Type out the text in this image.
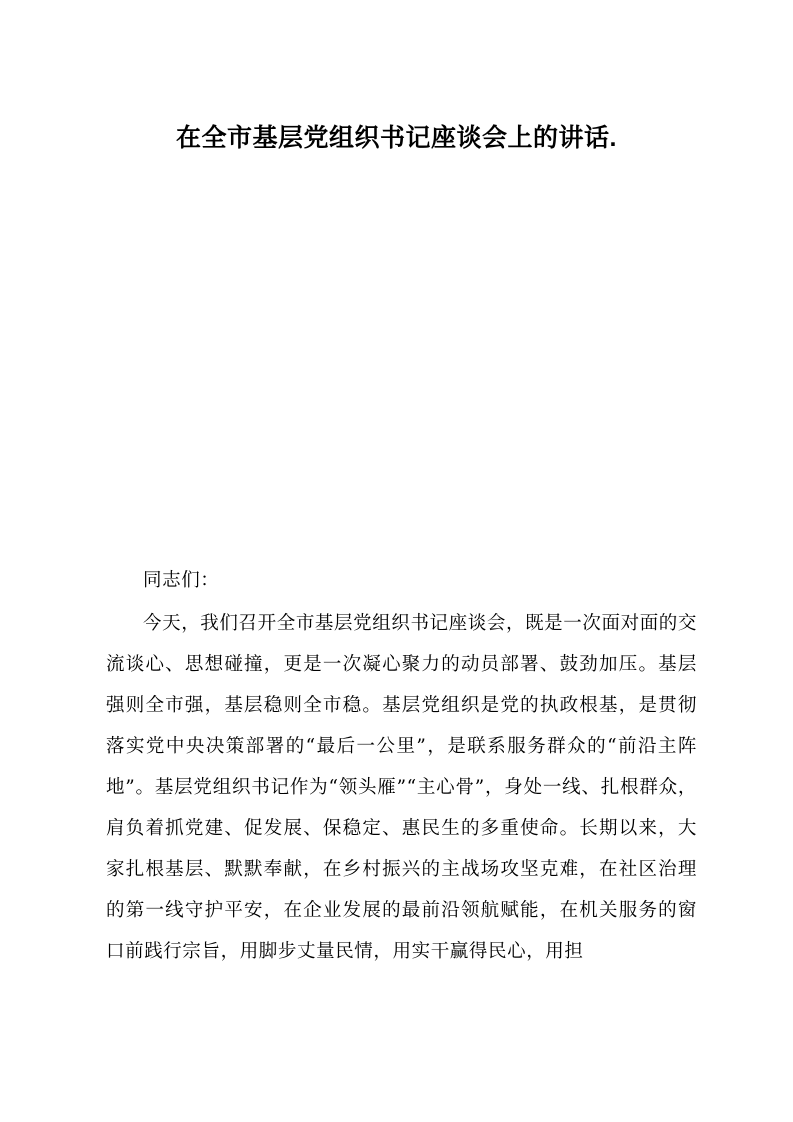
在全市基层党组织书记座谈会上的讲话.

同志们：

今天，我们召开全市基层党组织书记座谈会，既是一次面对面的交流谈心、思想碰撞，更是一次凝心聚力的动员部署、鼓劲加压。基层强则全市强，基层稳则全市稳。基层党组织是党的执政根基，是贯彻落实党中央决策部署的“最后一公里”，是联系服务群众的“前沿主阵地”。基层党组织书记作为“领头雁”“主心骨”，身处一线、扎根群众，肩负着抓党建、促发展、保稳定、惠民生的多重使命。长期以来，大家扎根基层、默默奉献，在乡村振兴的主战场攻坚克难，在社区治理的第一线守护平安，在企业发展的最前沿领航赋能，在机关服务的窗口前践行宗旨，用脚步丈量民情，用实干赢得民心，用担
